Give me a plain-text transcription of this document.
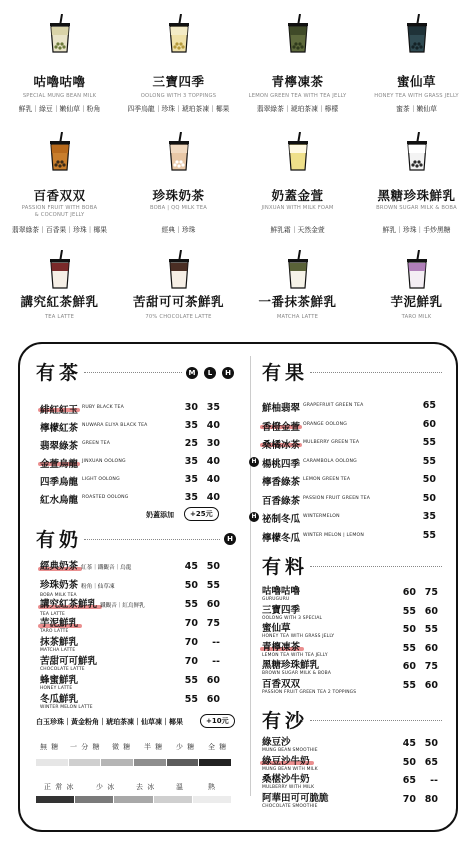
咕嚕咕嚕
SPECIAL MUNG BEAN MILK
鮮乳｜綠豆｜嫩仙草｜粉角
三寶四季
OOLONG WITH 3 TOPPINGS
四季烏龍｜珍珠｜琥珀茶凍｜椰果
青檸凍茶
LEMON GREEN TEA WITH TEA JELLY
翡翠綠茶｜琥珀茶凍｜檸檬
蜜仙草
HONEY TEA WITH GRASS JELLY
蜜茶｜嫩仙草
百香双双
PASSION FRUIT WITH BOBA
& COCONUT JELLY
翡翠綠茶｜百香果｜珍珠｜椰果
珍珠奶茶
BOBA | QQ MILK TEA
經典｜珍珠
奶蓋金萱
JINXUAN WITH MILK FOAM
鮮乳霜｜天然金萱
黑糖珍珠鮮乳
BROWN SUGAR MILK & BOBA
鮮乳｜珍珠｜手炒黑糖
講究紅茶鮮乳
TEA LATTE
苦甜可可茶鮮乳
70% CHOCOLATE LATTE
一番抹茶鮮乳
MATCHA LATTE
芋泥鮮乳
TARO MILK
有茶	M	L	H
緋紅紅玉 RUBY BLACK TEA	30 35
檸檬紅茶 NUWARA ELIYA BLACK TEA	35 40
翡翠綠茶 GREEN TEA	25 30
金萱烏龍 JINXUAN OOLONG	35 40
四季烏龍 LIGHT OOLONG	35 40
紅水烏龍 ROASTED OOLONG	35 40
奶蓋添加	+25元
有奶	H
經典奶茶 紅茶｜鐵觀音｜烏龍	45 50
珍珠奶茶 粉角｜仙草凍
BOBA MILK TEA
50 55
講究紅茶鮮乳 鐵觀音｜紅烏鮮乳
TEA LATTE
55 60
芋泥鮮乳
TARO LATTE
70 75
抹茶鮮乳
MATCHA LATTE
70	--
苦甜可可鮮乳
CHOCOLATE LATTE
70	--
蜂蜜鮮乳
HONEY LATTE
55 60
冬瓜鮮乳
WINTER MELON LATTE
55 60
白玉珍珠｜黃金粉角｜琥珀茶凍｜仙草凍｜椰果	+10元
無 糖 一 分 糖 微 糖 半 糖 少 糖 全 糖
正 常 冰	少 冰	去 冰	溫	熱
有果
鮮柚翡翠 GRAPEFRUIT GREEN TEA	65
香橙金萱 ORANGE OOLONG	60
桑橘冰茶 MULBERRY GREEN TEA	55
H 楊桃四季 CARAMBOLA OOLONG	55
檸香綠茶 LEMON GREEN TEA	50
百香綠茶 PASSION FRUIT GREEN TEA	50
H 祕制冬瓜 WINTERMELON	35
檸檬冬瓜 WINTER MELON | LEMON	55
有料
咕嚕咕嚕
GURUGURU
60 75
三寶四季
OOLONG WITH 3 SPECIAL
55 60
蜜仙草
HONEY TEA WITH GRASS JELLY
50 55
青檸凍茶
LEMON TEA WITH TEA JELLY
55 60
黑糖珍珠鮮乳
BROWN SUGAR MILK & BOBA
60 75
百香双双
PASSION FRUIT GREEN TEA 2 TOPPINGS
55 60
有沙
綠豆沙
MUNG BEAN SMOOTHIE
45 50
綠豆沙牛奶
MUNG BEAN WITH MILK
50 65
桑椹沙牛奶
MULBERRY WITH MILK
65	--
阿華田可可脆脆
CHOCOLATE SMOOTHIE
70 80
